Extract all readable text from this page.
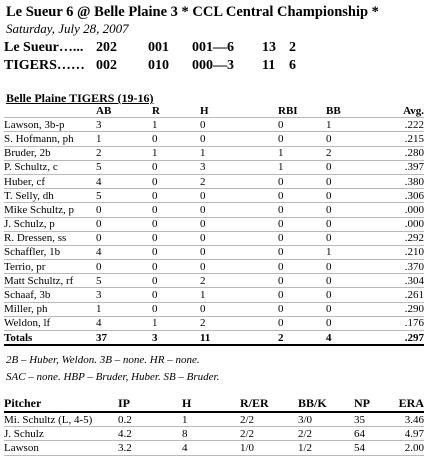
Le Sueur 6 @ Belle Plaine 3 * CCL Central Championship *
Saturday, July 28, 2007
Le Sueur…... 202 001 001—6 13 2
TIGERS…… 002 010 000—3 11 6
Belle Plaine TIGERS (19-16)
	AB	R	H	RBI	BB	Avg.
Lawson, 3b-p	3	1	0	0	1	.222
S. Hofmann, ph	1	0	0	0	0	.215
Bruder, 2b	2	1	1	1	2	.280
P. Schultz, c	5	0	3	1	0	.397
Huber, cf	4	0	2	0	0	.380
T. Selly, dh	5	0	0	0	0	.306
Mike Schultz, p	0	0	0	0	0	.000
J. Schulz, p	0	0	0	0	0	.000
R. Dressen, ss	0	0	0	0	0	.292
Schaffler, 1b	4	0	0	0	1	.210
Terrio, pr	0	0	0	0	0	.370
Matt Schultz, rf	5	0	2	0	0	.304
Schaaf, 3b	3	0	1	0	0	.261
Miller, ph	1	0	0	0	0	.290
Weldon, lf	4	1	2	0	0	.176
Totals	37	3	11	2	4	.297
2B – Huber, Weldon. 3B – none. HR – none.
SAC – none. HBP – Bruder, Huber. SB – Bruder.
Pitcher	IP	H	R/ER	BB/K	NP	ERA
Mi. Schultz (L, 4-5)	0.2	1	2/2	3/0	35	3.46
J. Schulz	4.2	8	2/2	2/2	64	4.97
Lawson	3.2	4	1/0	1/2	54	2.00
